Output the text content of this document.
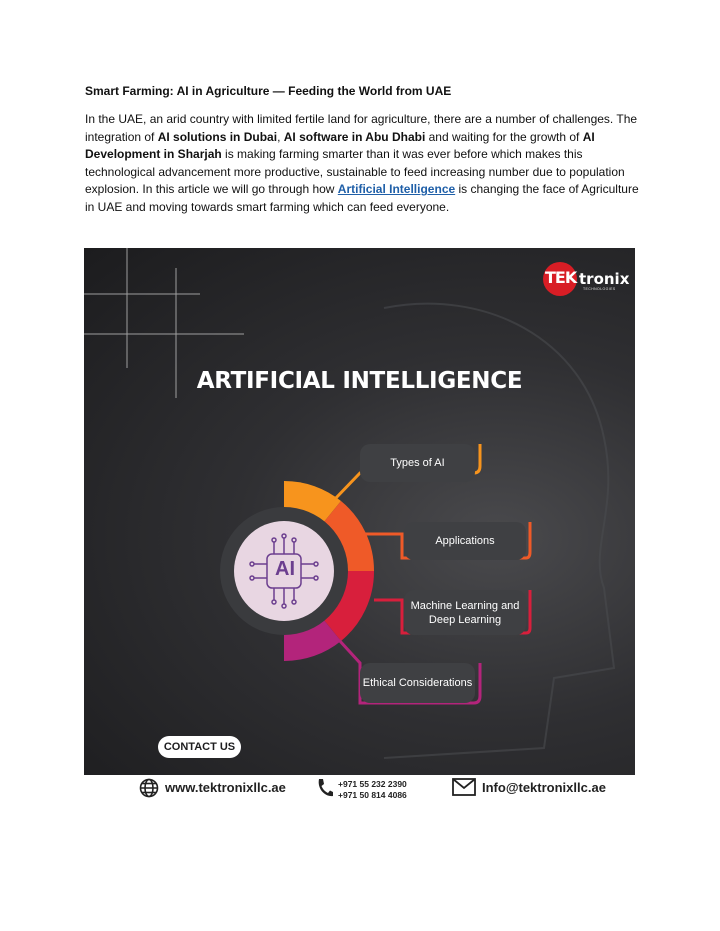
Smart Farming: AI in Agriculture — Feeding the World from UAE
In the UAE, an arid country with limited fertile land for agriculture, there are a number of challenges. The integration of AI solutions in Dubai, AI software in Abu Dhabi and waiting for the growth of AI Development in Sharjah is making farming smarter than it was ever before which makes this technological advancement more productive, sustainable to feed increasing number due to population explosion. In this article we will go through how Artificial Intelligence is changing the face of Agriculture in UAE and moving towards smart farming which can feed everyone.
TEK tronix
TECHNOLOGIES
ARTIFICIAL INTELLIGENCE
AI
Types of AI
Applications
Machine Learning and Deep Learning
Ethical Considerations
CONTACT US
www.tektronixllc.ae	+971 55 232 2390
+971 50 814 4086	Info@tektronixllc.ae
